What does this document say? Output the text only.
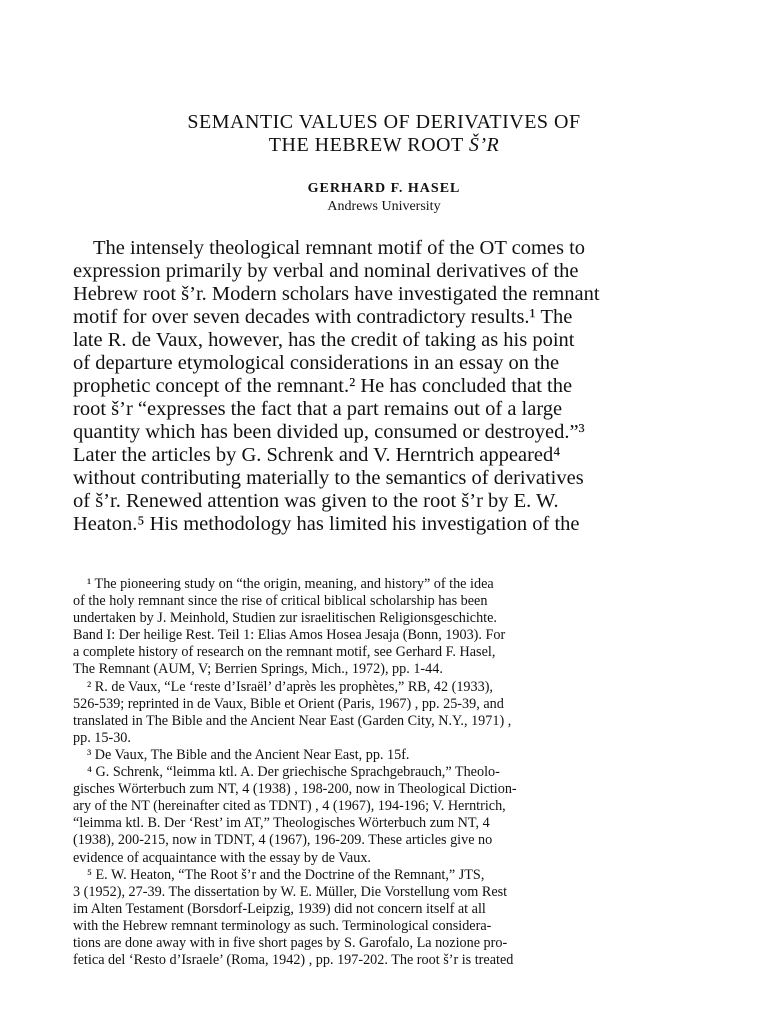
SEMANTIC VALUES OF DERIVATIVES OF
THE HEBREW ROOT Š’R
GERHARD F. HASEL
Andrews University
The intensely theological remnant motif of the OT comes to
expression primarily by verbal and nominal derivatives of the
Hebrew root š’r. Modern scholars have investigated the remnant
motif for over seven decades with contradictory results.¹ The
late R. de Vaux, however, has the credit of taking as his point
of departure etymological considerations in an essay on the
prophetic concept of the remnant.² He has concluded that the
root š’r “expresses the fact that a part remains out of a large
quantity which has been divided up, consumed or destroyed.”³
Later the articles by G. Schrenk and V. Herntrich appeared⁴
without contributing materially to the semantics of derivatives
of š’r. Renewed attention was given to the root š’r by E. W.
Heaton.⁵ His methodology has limited his investigation of the
¹ The pioneering study on “the origin, meaning, and history” of the idea
of the holy remnant since the rise of critical biblical scholarship has been
undertaken by J. Meinhold, Studien zur israelitischen Religionsgeschichte.
Band I: Der heilige Rest. Teil 1: Elias Amos Hosea Jesaja (Bonn, 1903). For
a complete history of research on the remnant motif, see Gerhard F. Hasel,
The Remnant (AUM, V; Berrien Springs, Mich., 1972), pp. 1-44.
² R. de Vaux, “Le ‘reste d’Israël’ d’après les prophètes,” RB, 42 (1933),
526-539; reprinted in de Vaux, Bible et Orient (Paris, 1967) , pp. 25-39, and
translated in The Bible and the Ancient Near East (Garden City, N.Y., 1971) ,
pp. 15-30.
³ De Vaux, The Bible and the Ancient Near East, pp. 15f.
⁴ G. Schrenk, “leimma ktl. A. Der griechische Sprachgebrauch,” Theolo-
gisches Wörterbuch zum NT, 4 (1938) , 198-200, now in Theological Diction-
ary of the NT (hereinafter cited as TDNT) , 4 (1967), 194-196; V. Herntrich,
“leimma ktl. B. Der ‘Rest’ im AT,” Theologisches Wörterbuch zum NT, 4
(1938), 200-215, now in TDNT, 4 (1967), 196-209. These articles give no
evidence of acquaintance with the essay by de Vaux.
⁵ E. W. Heaton, “The Root š’r and the Doctrine of the Remnant,” JTS,
3 (1952), 27-39. The dissertation by W. E. Müller, Die Vorstellung vom Rest
im Alten Testament (Borsdorf-Leipzig, 1939) did not concern itself at all
with the Hebrew remnant terminology as such. Terminological considera-
tions are done away with in five short pages by S. Garofalo, La nozione pro-
fetica del ‘Resto d’Israele’ (Roma, 1942) , pp. 197-202. The root š’r is treated
